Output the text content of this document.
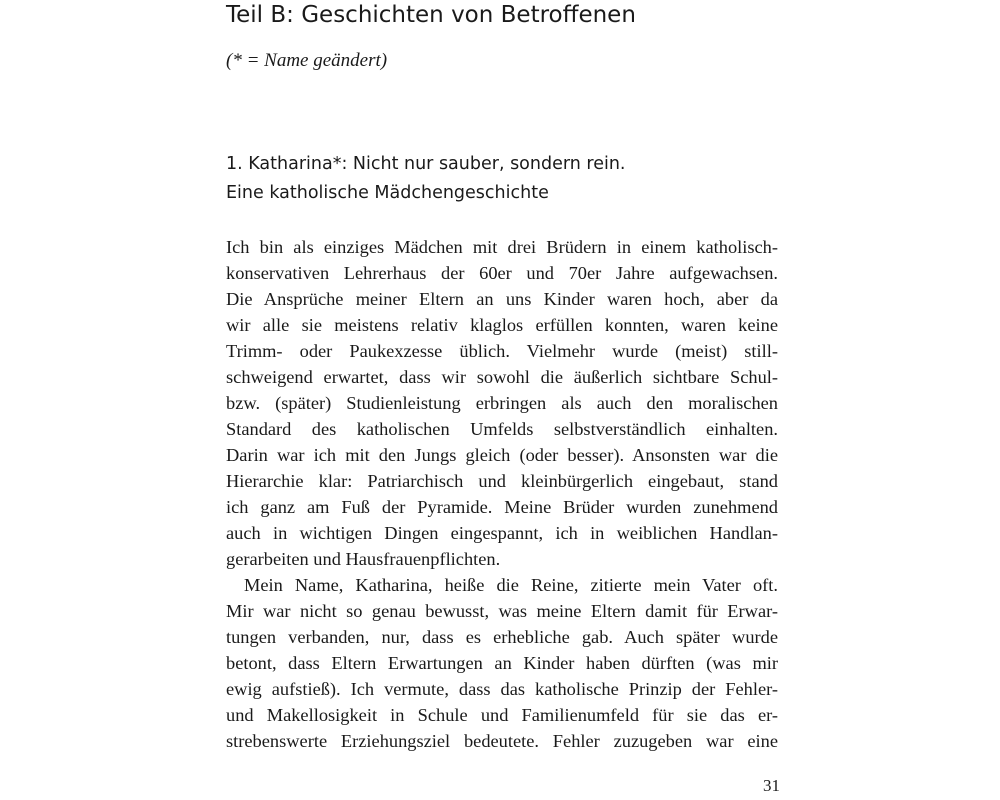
Teil B: Geschichten von Betroffenen

(* = Name geändert)

1. Katharina*: Nicht nur sauber, sondern rein.
Eine katholische Mädchengeschichte
Ich bin als einziges Mädchen mit drei Brüdern in einem katholisch-
konservativen Lehrerhaus der 60er und 70er Jahre aufgewachsen.
Die Ansprüche meiner Eltern an uns Kinder waren hoch, aber da
wir alle sie meistens relativ klaglos erfüllen konnten, waren keine
Trimm- oder Paukexzesse üblich. Vielmehr wurde (meist) still-
schweigend erwartet, dass wir sowohl die äußerlich sichtbare Schul-
bzw. (später) Studienleistung erbringen als auch den moralischen
Standard des katholischen Umfelds selbstverständlich einhalten.
Darin war ich mit den Jungs gleich (oder besser). Ansonsten war die
Hierarchie klar: Patriarchisch und kleinbürgerlich eingebaut, stand
ich ganz am Fuß der Pyramide. Meine Brüder wurden zunehmend
auch in wichtigen Dingen eingespannt, ich in weiblichen Handlan-
gerarbeiten und Hausfrauenpflichten.
Mein Name, Katharina, heiße die Reine, zitierte mein Vater oft.
Mir war nicht so genau bewusst, was meine Eltern damit für Erwar-
tungen verbanden, nur, dass es erhebliche gab. Auch später wurde
betont, dass Eltern Erwartungen an Kinder haben dürften (was mir
ewig aufstieß). Ich vermute, dass das katholische Prinzip der Fehler-
und Makellosigkeit in Schule und Familienumfeld für sie das er-
strebenswerte Erziehungsziel bedeutete. Fehler zuzugeben war eine
31
